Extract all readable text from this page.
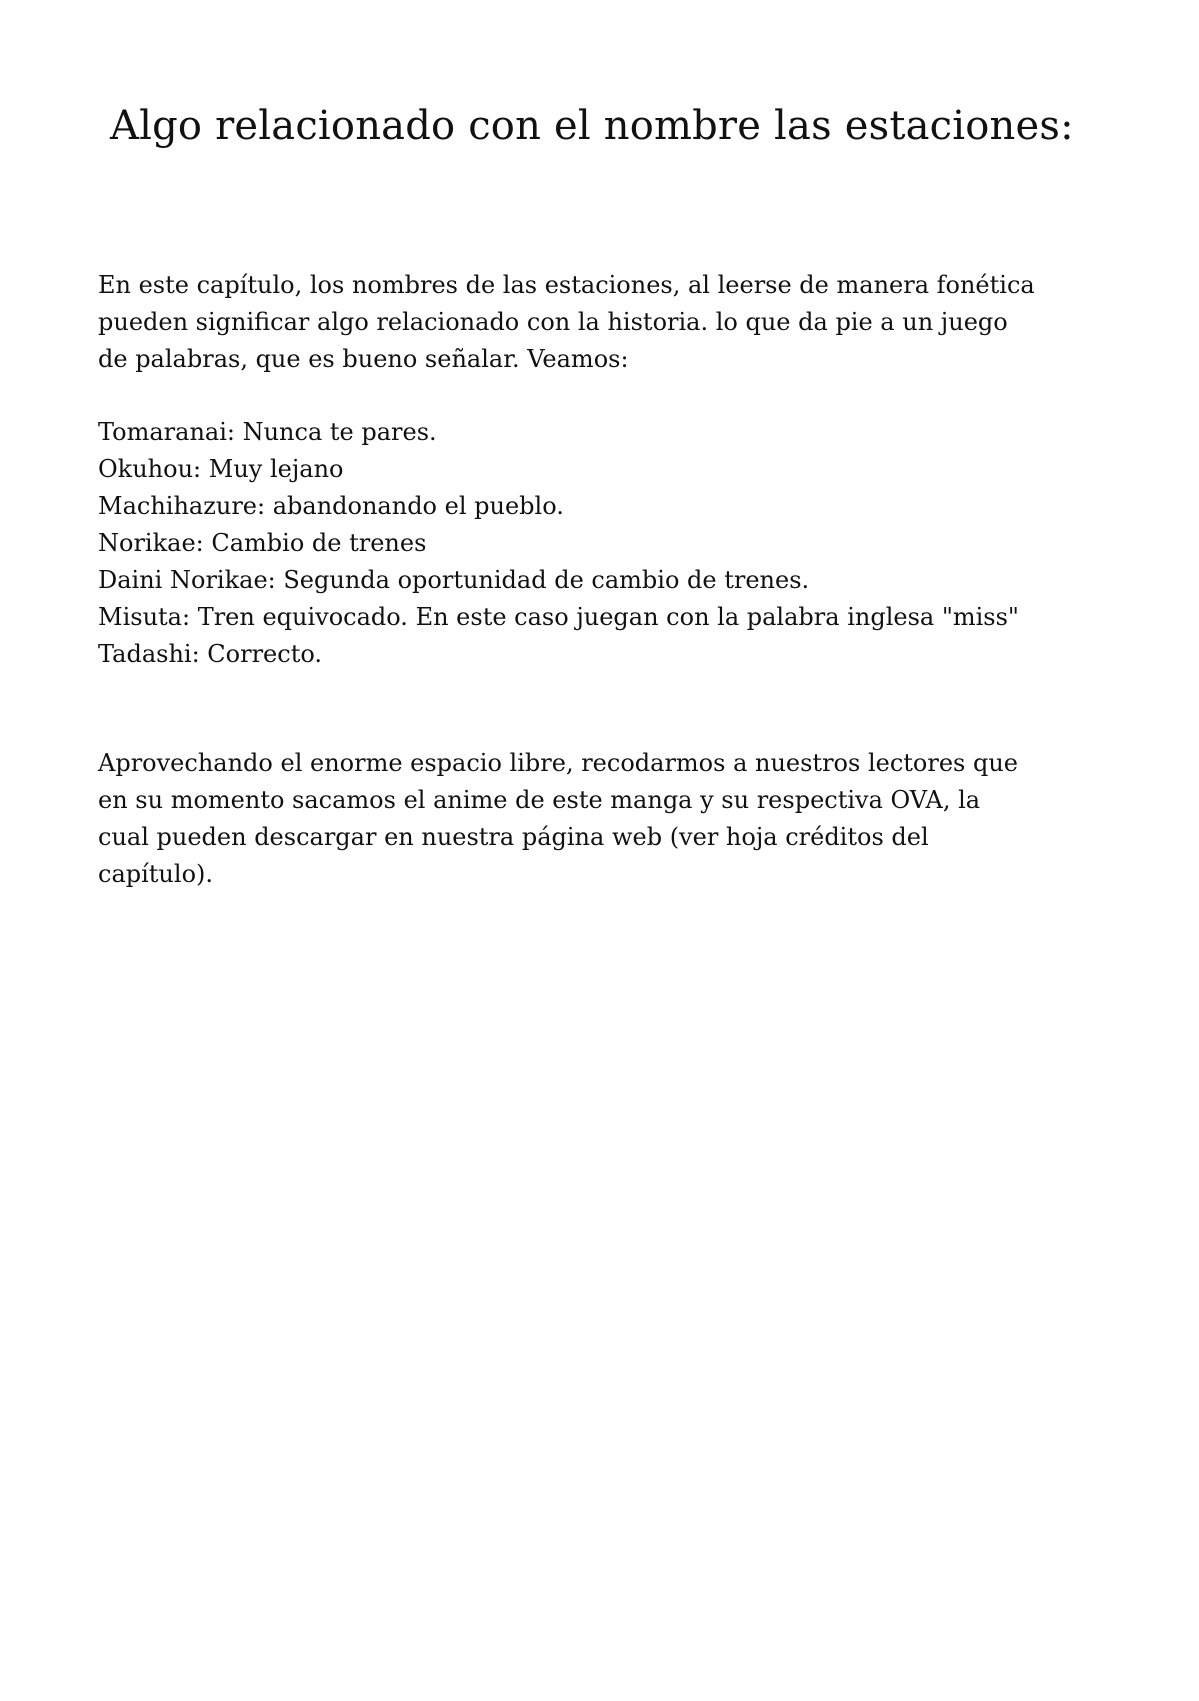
Algo relacionado con el nombre las estaciones:
En este capítulo, los nombres de las estaciones, al leerse de manera fonética
pueden significar algo relacionado con la historia. lo que da pie a un juego
de palabras, que es bueno señalar. Veamos:
Tomaranai: Nunca te pares.
Okuhou: Muy lejano
Machihazure: abandonando el pueblo.
Norikae: Cambio de trenes
Daini Norikae: Segunda oportunidad de cambio de trenes.
Misuta: Tren equivocado. En este caso juegan con la palabra inglesa "miss"
Tadashi: Correcto.
Aprovechando el enorme espacio libre, recodarmos a nuestros lectores que
en su momento sacamos el anime de este manga y su respectiva OVA, la
cual pueden descargar en nuestra página web (ver hoja créditos del
capítulo).
